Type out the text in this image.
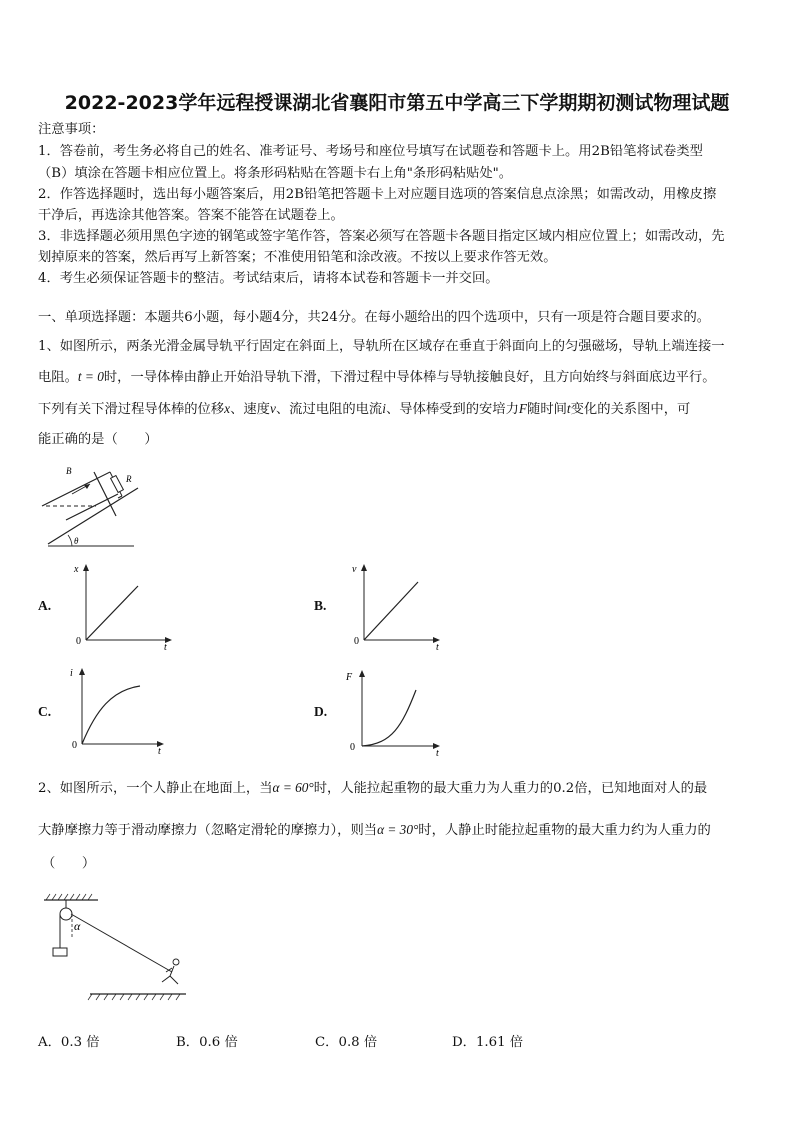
2022-2023学年远程授课湖北省襄阳市第五中学高三下学期期初测试物理试题
注意事项：
1．答卷前，考生务必将自己的姓名、准考证号、考场号和座位号填写在试题卷和答题卡上。用2B铅笔将试卷类型
（B）填涂在答题卡相应位置上。将条形码粘贴在答题卡右上角"条形码粘贴处"。
2．作答选择题时，选出每小题答案后，用2B铅笔把答题卡上对应题目选项的答案信息点涂黑；如需改动，用橡皮擦
干净后，再选涂其他答案。答案不能答在试题卷上。
3．非选择题必须用黑色字迹的钢笔或签字笔作答，答案必须写在答题卡各题目指定区域内相应位置上；如需改动，先
划掉原来的答案，然后再写上新答案；不准使用铅笔和涂改液。不按以上要求作答无效。
4．考生必须保证答题卡的整洁。考试结束后，请将本试卷和答题卡一并交回。
一、单项选择题：本题共6小题，每小题4分，共24分。在每小题给出的四个选项中，只有一项是符合题目要求的。
1、如图所示，两条光滑金属导轨平行固定在斜面上，导轨所在区域存在垂直于斜面向上的匀强磁场，导轨上端连接一
电阻。t = 0时，一导体棒由静止开始沿导轨下滑，下滑过程中导体棒与导轨接触良好，且方向始终与斜面底边平行。
下列有关下滑过程导体棒的位移x、速度v、流过电阻的电流i、导体棒受到的安培力F随时间t变化的关系图中，可
能正确的是（　　）
B
R
θ
A.
x
t
0
B.
v
t
0
C.
i
t
0
D.
F
t
0
2、如图所示，一个人静止在地面上，当α = 60°时，人能拉起重物的最大重力为人重力的0.2倍，已知地面对人的最
大静摩擦力等于滑动摩擦力（忽略定滑轮的摩擦力），则当α = 30°时，人静止时能拉起重物的最大重力约为人重力的
（　　）
α
A．0.3 倍	B．0.6 倍	C．0.8 倍	D．1.61 倍
